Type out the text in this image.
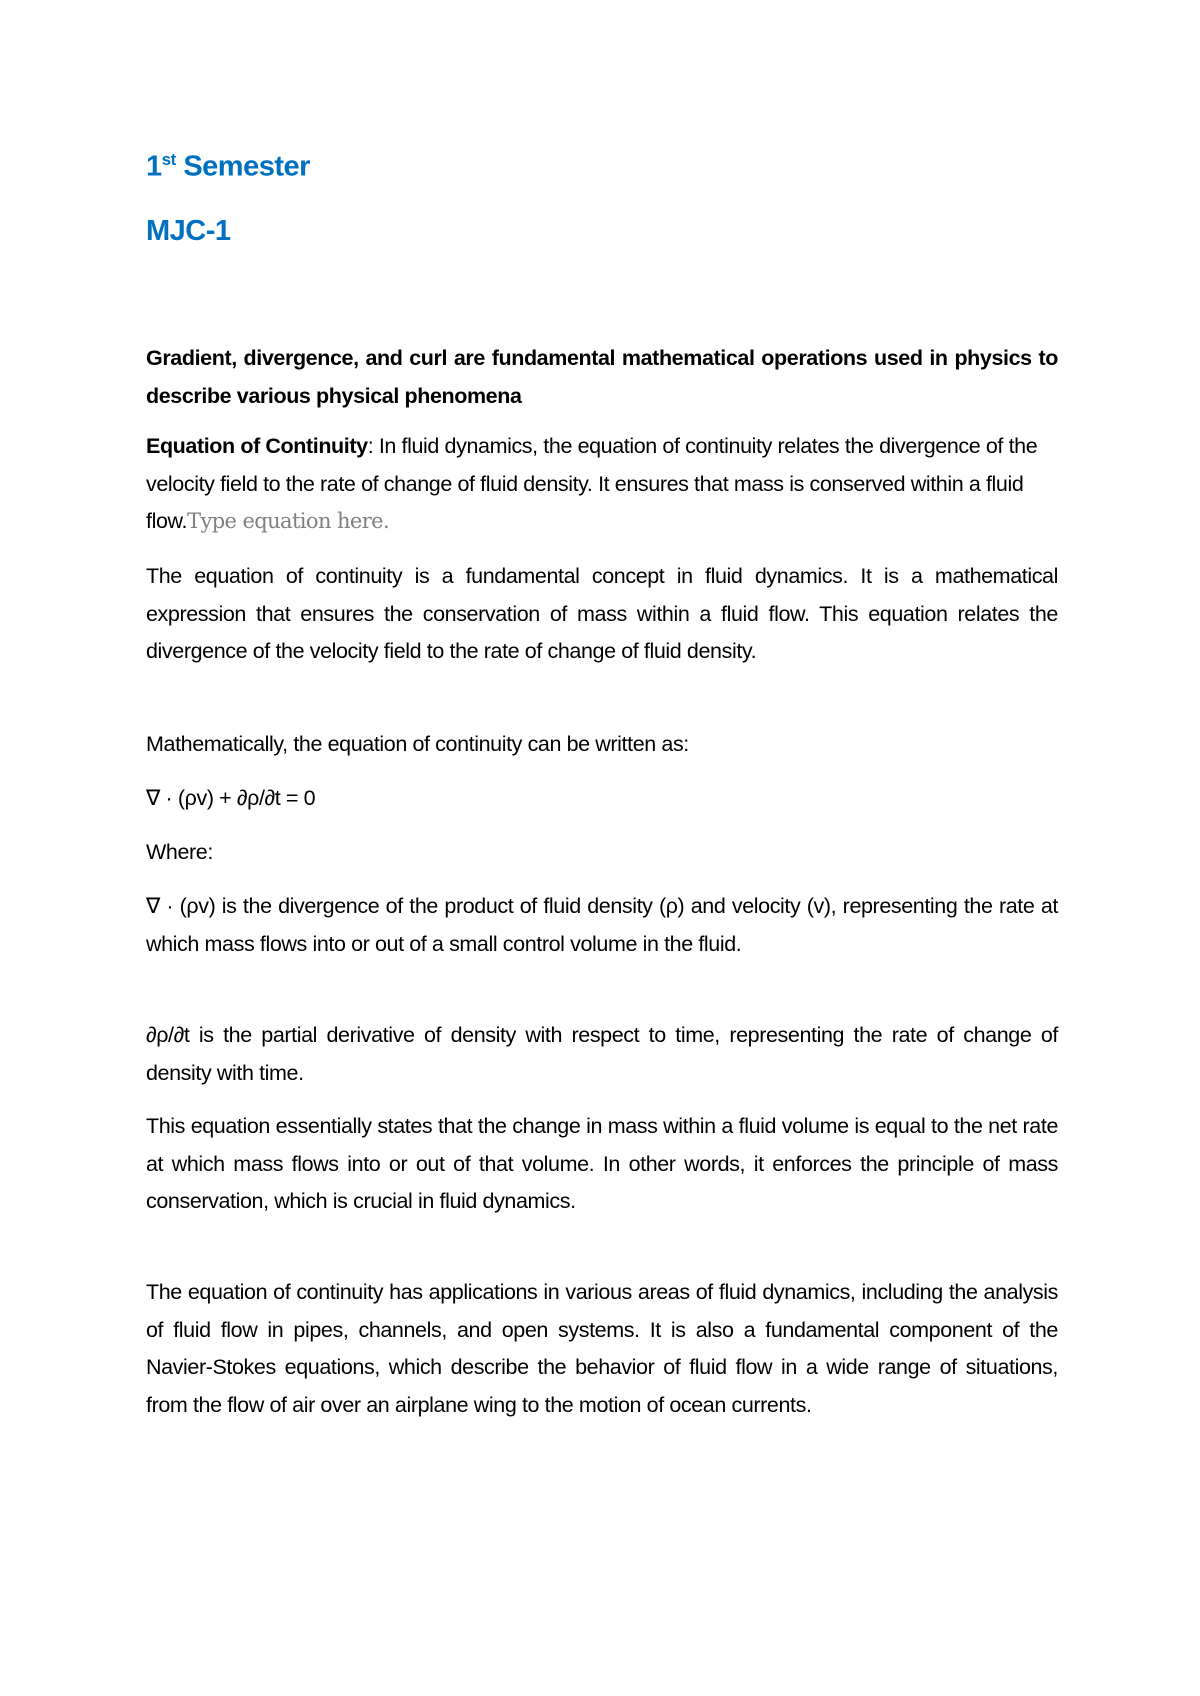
1st Semester
MJC-1
Gradient, divergence, and curl are fundamental mathematical operations used in physics to describe various physical phenomena
Equation of Continuity: In fluid dynamics, the equation of continuity relates the divergence of the velocity field to the rate of change of fluid density. It ensures that mass is conserved within a fluid flow.Type equation here.
The equation of continuity is a fundamental concept in fluid dynamics. It is a mathematical expression that ensures the conservation of mass within a fluid flow. This equation relates the divergence of the velocity field to the rate of change of fluid density.
Mathematically, the equation of continuity can be written as:
∇ · (ρv) + ∂ρ/∂t = 0
Where:
∇ · (ρv) is the divergence of the product of fluid density (ρ) and velocity (v), representing the rate at which mass flows into or out of a small control volume in the fluid.
∂ρ/∂t is the partial derivative of density with respect to time, representing the rate of change of density with time.
This equation essentially states that the change in mass within a fluid volume is equal to the net rate at which mass flows into or out of that volume. In other words, it enforces the principle of mass conservation, which is crucial in fluid dynamics.
The equation of continuity has applications in various areas of fluid dynamics, including the analysis of fluid flow in pipes, channels, and open systems. It is also a fundamental component of the Navier-Stokes equations, which describe the behavior of fluid flow in a wide range of situations, from the flow of air over an airplane wing to the motion of ocean currents.
